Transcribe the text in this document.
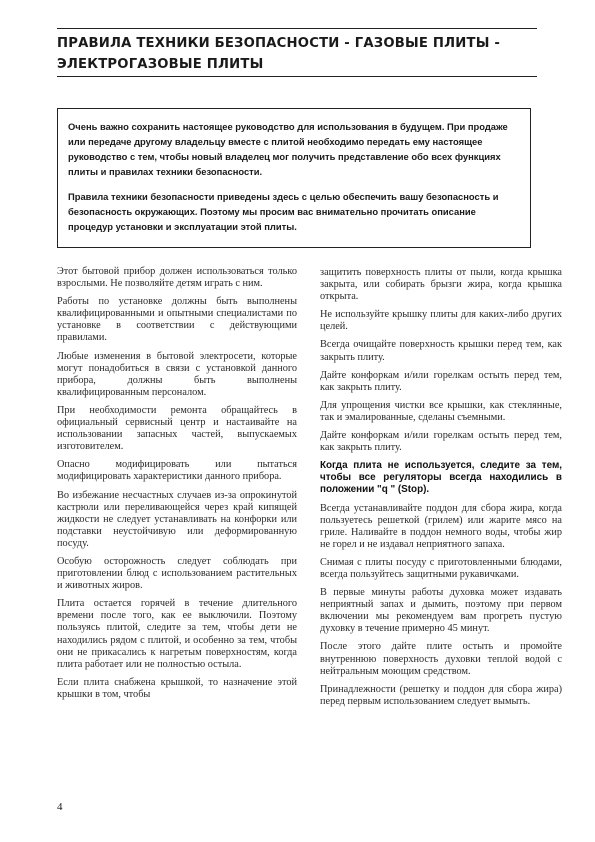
ПРАВИЛА ТЕХНИКИ БЕЗОПАСНОСТИ - ГАЗОВЫЕ ПЛИТЫ -
ЭЛЕКТРОГАЗОВЫЕ ПЛИТЫ

Очень важно сохранить настоящее руководство для использования в будущем. При продаже или передаче другому владельцу вместе с плитой необходимо передать ему настоящее руководство с тем, чтобы новый владелец мог получить представление обо всех функциях плиты и правилах техники безопасности.

Правила техники безопасности приведены здесь с целью обеспечить вашу безопасность и безопасность окружающих. Поэтому мы просим вас внимательно прочитать описание процедур установки и эксплуатации этой плиты.

Этот бытовой прибор должен использоваться только взрослыми. Не позволяйте детям играть с ним.

Работы по установке должны быть выполнены квалифицированными и опытными специалистами по установке в соответствии с действующими правилами.

Любые изменения в бытовой электросети, которые могут понадобиться в связи с установкой данного прибора, должны быть выполнены квалифицированным персоналом.

При необходимости ремонта обращайтесь в официальный сервисный центр и настаивайте на использовании запасных частей, выпускаемых изготовителем.

Опасно модифицировать или пытаться модифицировать характеристики данного прибора.

Во избежание несчастных случаев из-за опрокинутой кастрюли или переливающейся через край кипящей жидкости не следует устанавливать на конфорки или подставки неустойчивую или деформированную посуду.

Особую осторожность следует соблюдать при приготовлении блюд с использованием растительных и животных жиров.

Плита остается горячей в течение длительного времени после того, как ее выключили. Поэтому пользуясь плитой, следите за тем, чтобы дети не находились рядом с плитой, и особенно за тем, чтобы они не прикасались к нагретым поверхностям, когда плита работает или не полностью остыла.

Если плита снабжена крышкой, то назначение этой крышки в том, чтобы

защитить поверхность плиты от пыли, когда крышка закрыта, или собирать брызги жира, когда крышка открыта.

Не используйте крышку плиты для каких-либо других целей.

Всегда очищайте поверхность крышки перед тем, как закрыть плиту.

Дайте конфоркам и/или горелкам остыть перед тем, как закрыть плиту.

Для упрощения чистки все крышки, как стеклянные, так и эмалированные, сделаны съемными.

Дайте конфоркам и/или горелкам остыть перед тем, как закрыть плиту.

Когда плита не используется, следите за тем, чтобы все регуляторы всегда находились в положении "q " (Stop).

Всегда устанавливайте поддон для сбора жира, когда пользуетесь решеткой (грилем) или жарите мясо на гриле. Наливайте в поддон немного воды, чтобы жир не горел и не издавал неприятного запаха.

Снимая с плиты посуду с приготовленными блюдами, всегда пользуйтесь защитными рукавичками.

В первые минуты работы духовка может издавать неприятный запах и дымить, поэтому при первом включении мы рекомендуем вам прогреть пустую духовку в течение примерно 45 минут.

После этого дайте плите остыть и промойте внутреннюю поверхность духовки теплой водой с нейтральным моющим средством.

Принадлежности (решетку и поддон для сбора жира) перед первым использованием следует вымыть.

4
